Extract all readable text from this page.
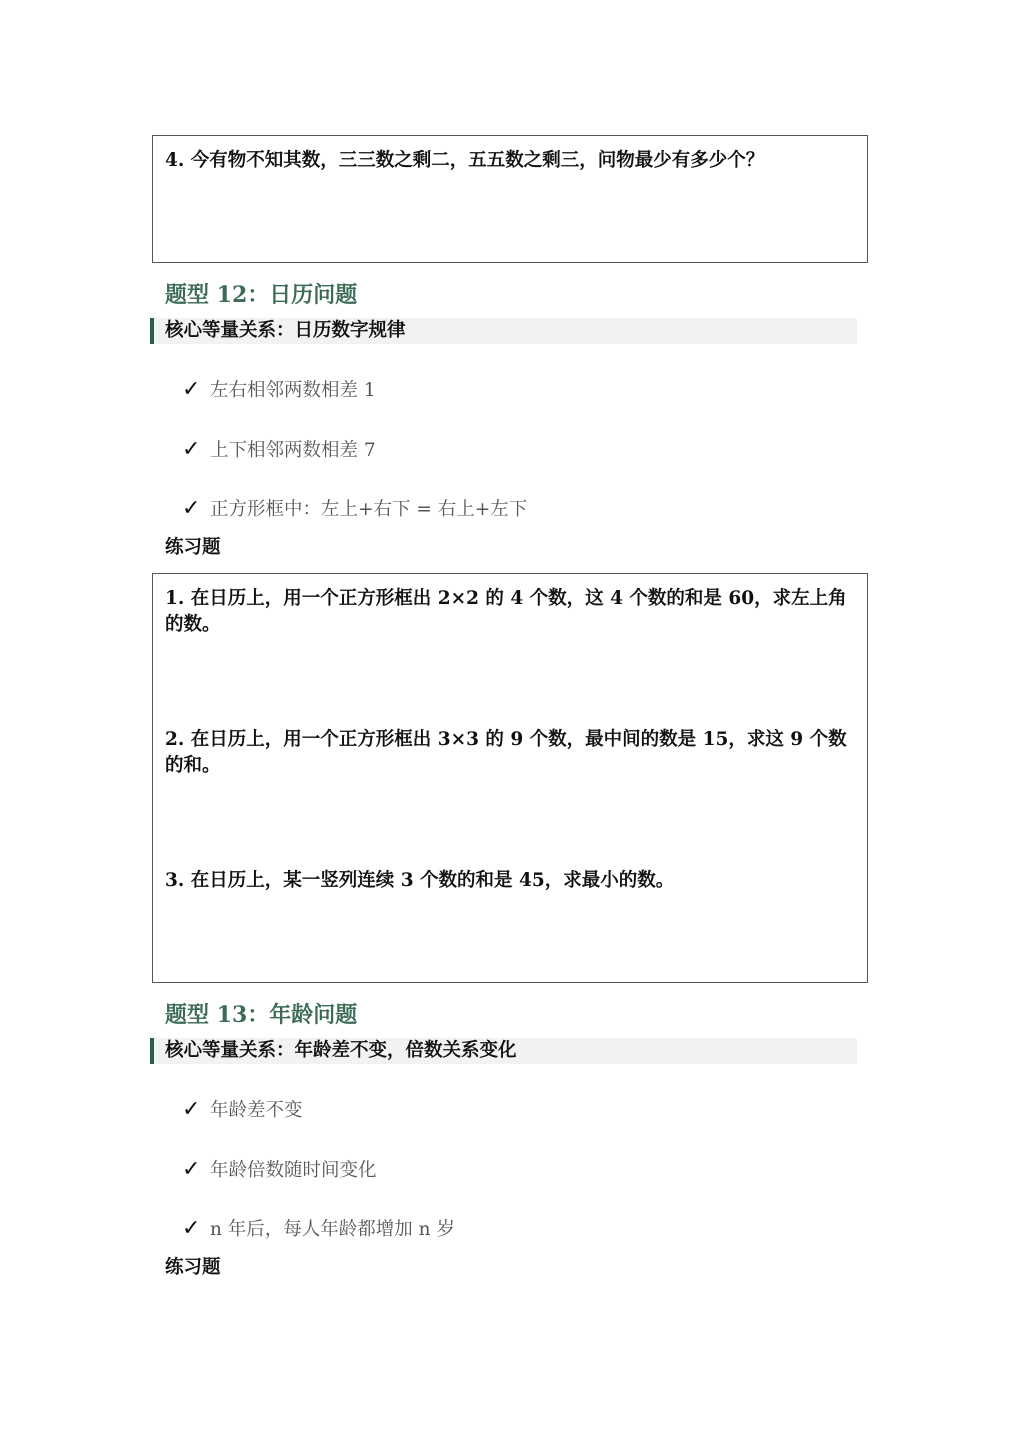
4. 今有物不知其数，三三数之剩二，五五数之剩三，问物最少有多少个？
题型 12：日历问题
核心等量关系：日历数字规律
✓ 左右相邻两数相差 1
✓ 上下相邻两数相差 7
✓ 正方形框中：左上+右下 = 右上+左下
练习题
1. 在日历上，用一个正方形框出 2×2 的 4 个数，这 4 个数的和是 60，求左上角的数。
2. 在日历上，用一个正方形框出 3×3 的 9 个数，最中间的数是 15，求这 9 个数的和。
3. 在日历上，某一竖列连续 3 个数的和是 45，求最小的数。
题型 13：年龄问题
核心等量关系：年龄差不变，倍数关系变化
✓ 年龄差不变
✓ 年龄倍数随时间变化
✓ n 年后，每人年龄都增加 n 岁
练习题
